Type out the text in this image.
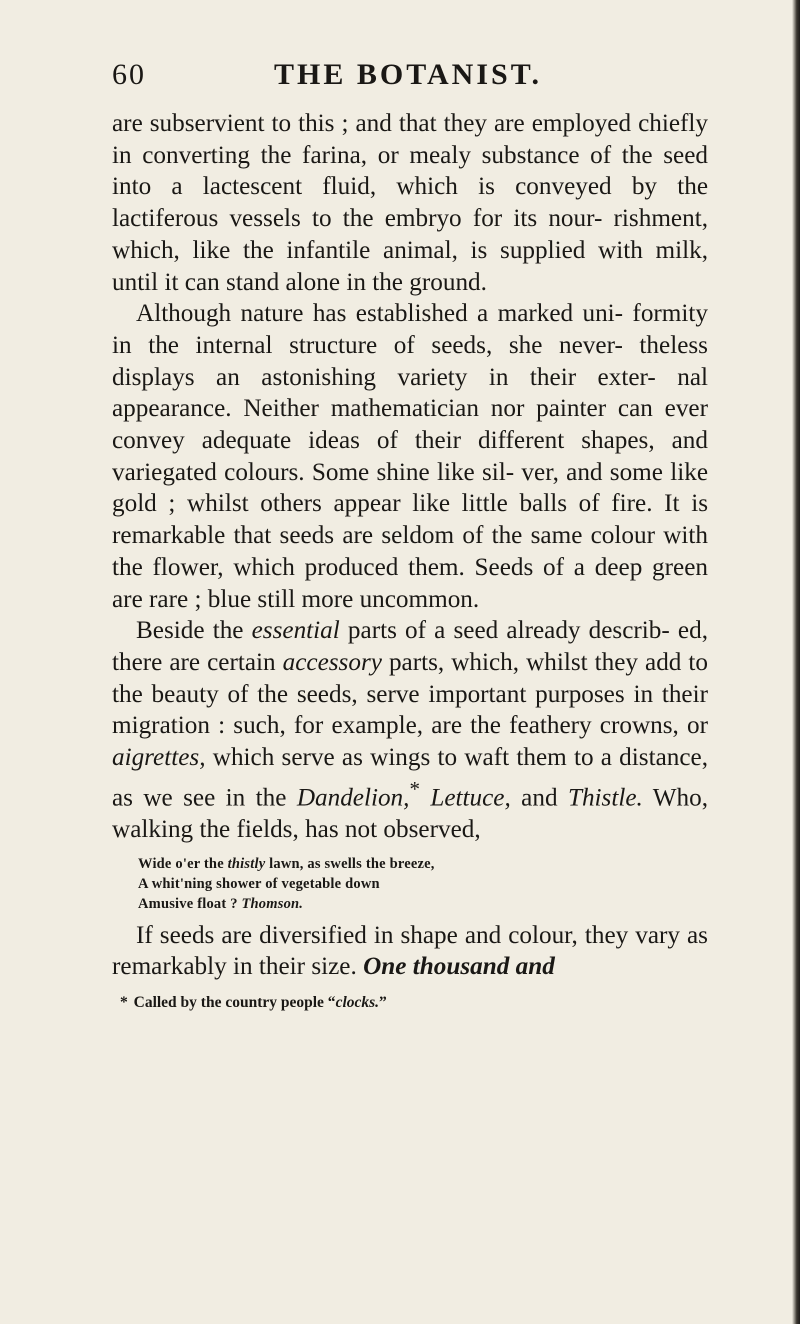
60	THE BOTANIST.

are subservient to this ; and that they are employed chiefly in converting the farina, or mealy substance of the seed into a lactescent fluid, which is conveyed by the lactiferous vessels to the embryo for its nour- rishment, which, like the infantile animal, is supplied with milk, until it can stand alone in the ground.

Although nature has established a marked uni- formity in the internal structure of seeds, she never- theless displays an astonishing variety in their exter- nal appearance. Neither mathematician nor painter can ever convey adequate ideas of their different shapes, and variegated colours. Some shine like sil- ver, and some like gold ; whilst others appear like little balls of fire. It is remarkable that seeds are seldom of the same colour with the flower, which produced them. Seeds of a deep green are rare ; blue still more uncommon.

Beside the essential parts of a seed already describ- ed, there are certain accessory parts, which, whilst they add to the beauty of the seeds, serve important purposes in their migration : such, for example, are the feathery crowns, or aigrettes, which serve as wings to waft them to a distance, as we see in the Dandelion,* Lettuce, and Thistle. Who, walking the fields, has not observed,

Wide o'er the thistly lawn, as swells the breeze,
A whit'ning shower of vegetable down
Amusive float ? Thomson.

If seeds are diversified in shape and colour, they vary as remarkably in their size. One thousand and

* Called by the country people “clocks.”
